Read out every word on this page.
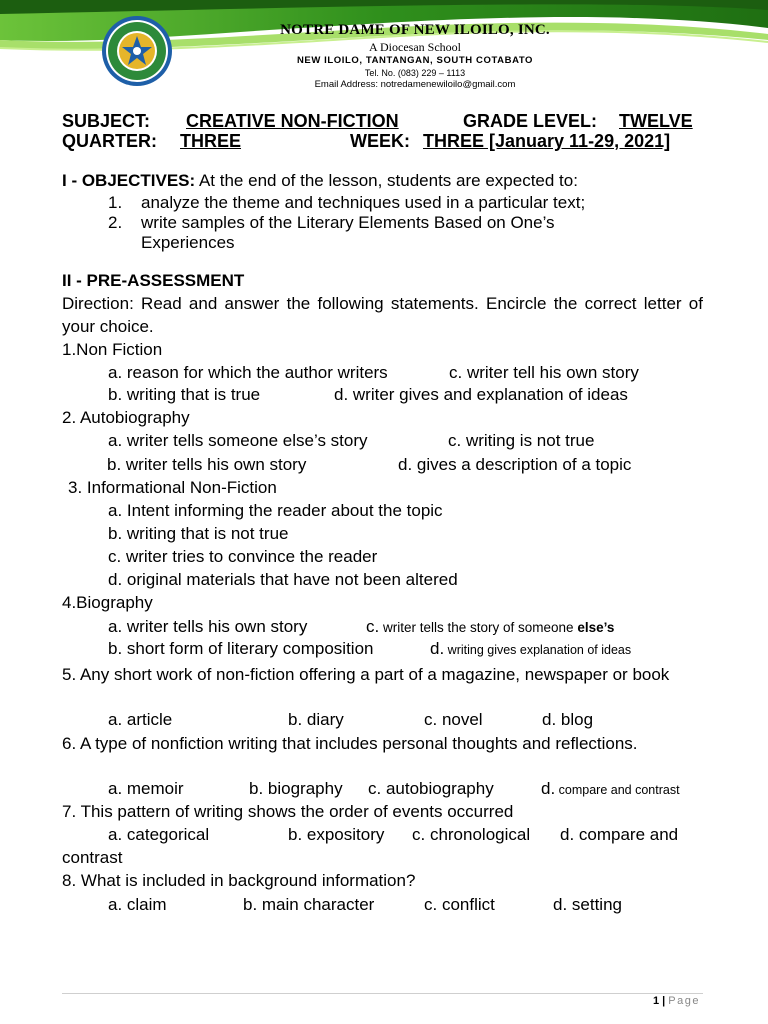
NOTRE DAME OF NEW ILOILO, INC.
A Diocesan School
NEW ILOILO, TANTANGAN, SOUTH COTABATO
Tel. No. (083) 229 – 1113
Email Address: notredamenewiloilo@gmail.com
SUBJECT: CREATIVE NON-FICTION	GRADE LEVEL: TWELVE
QUARTER: THREE	WEEK: THREE [January 11-29, 2021]
I - OBJECTIVES: At the end of the lesson, students are expected to:
1. analyze the theme and techniques used in a particular text;
2. write samples of the Literary Elements Based on One’s
Experiences
II - PRE-ASSESSMENT
Direction: Read and answer the following statements. Encircle the correct letter of your choice.
1.Non Fiction
a. reason for which the author writers	c. writer tell his own story
b. writing that is true	d. writer gives and explanation of ideas
2. Autobiography
a. writer tells someone else’s story	c. writing is not true
b. writer tells his own story	d. gives a description of a topic
3. Informational Non-Fiction
a. Intent informing the reader about the topic
b. writing that is not true
c. writer tries to convince the reader
d. original materials that have not been altered
4.Biography
a. writer tells his own story	c. writer tells the story of someone else’s
b. short form of literary composition	d. writing gives explanation of ideas
5. Any short work of non-fiction offering a part of a magazine, newspaper or book
a. article	b. diary	c. novel	d. blog
6. A type of nonfiction writing that includes personal thoughts and reflections.
a. memoir	b. biography c. autobiography	d. compare and contrast
7. This pattern of writing shows the order of events occurred
a. categorical	b. expository c. chronological d. compare and
contrast
8. What is included in background information?
a. claim	b. main character	c. conflict	d. setting
1 | Page
